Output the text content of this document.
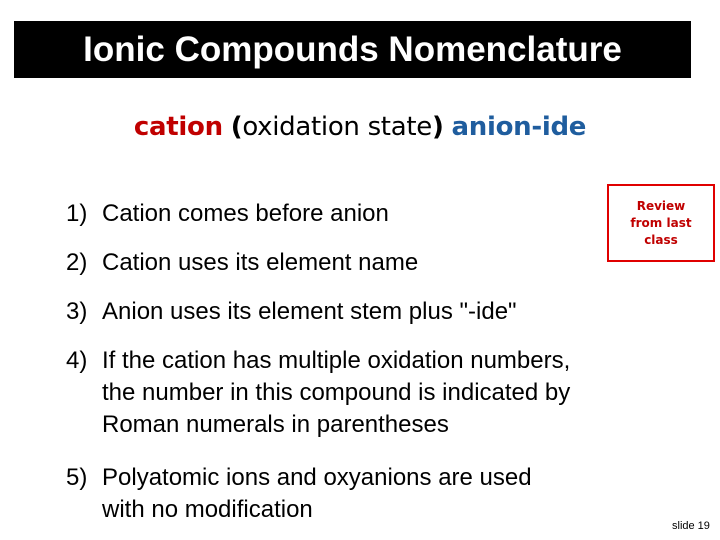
Ionic Compounds Nomenclature
cation (oxidation state) anion-ide
Review from last class
1) Cation comes before anion
2) Cation uses its element name
3) Anion uses its element stem plus "-ide"
4) If the cation has multiple oxidation numbers,
the number in this compound is indicated by
Roman numerals in parentheses
5) Polyatomic ions and oxyanions are used
with no modification
slide 19
